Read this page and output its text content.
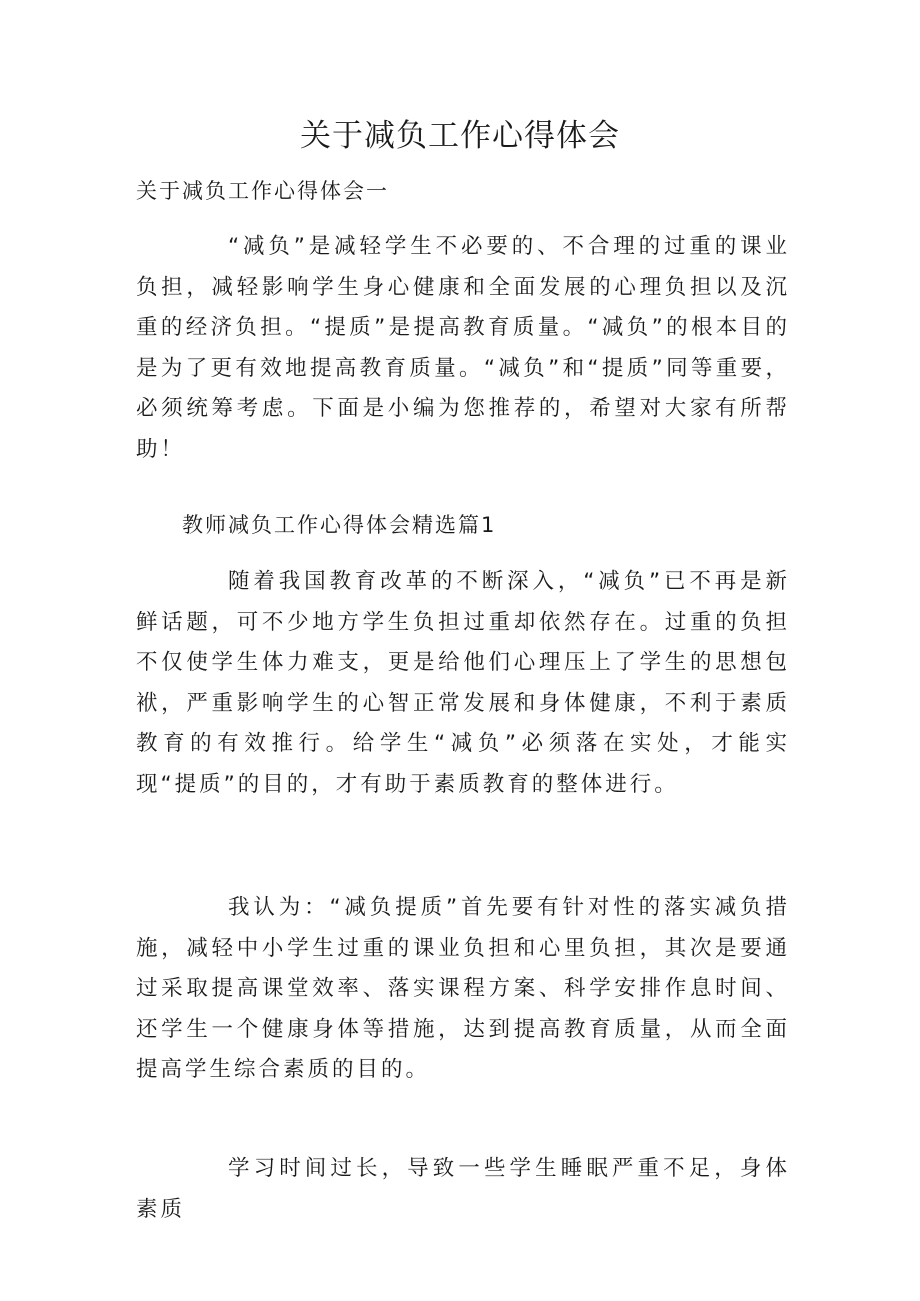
关于减负工作心得体会
关于减负工作心得体会一

“减负”是减轻学生不必要的、不合理的过重的课业负担，减轻影响学生身心健康和全面发展的心理负担以及沉重的经济负担。“提质”是提高教育质量。“减负”的根本目的是为了更有效地提高教育质量。“减负”和“提质”同等重要，必须统筹考虑。下面是小编为您推荐的，希望对大家有所帮助！

教师减负工作心得体会精选篇1

随着我国教育改革的不断深入，“减负”已不再是新鲜话题，可不少地方学生负担过重却依然存在。过重的负担不仅使学生体力难支，更是给他们心理压上了学生的思想包袱，严重影响学生的心智正常发展和身体健康，不利于素质教育的有效推行。给学生“减负”必须落在实处，才能实现“提质”的目的，才有助于素质教育的整体进行。

我认为：“减负提质”首先要有针对性的落实减负措施，减轻中小学生过重的课业负担和心里负担，其次是要通过采取提高课堂效率、落实课程方案、科学安排作息时间、还学生一个健康身体等措施，达到提高教育质量，从而全面提高学生综合素质的目的。

学习时间过长，导致一些学生睡眠严重不足，身体素质
